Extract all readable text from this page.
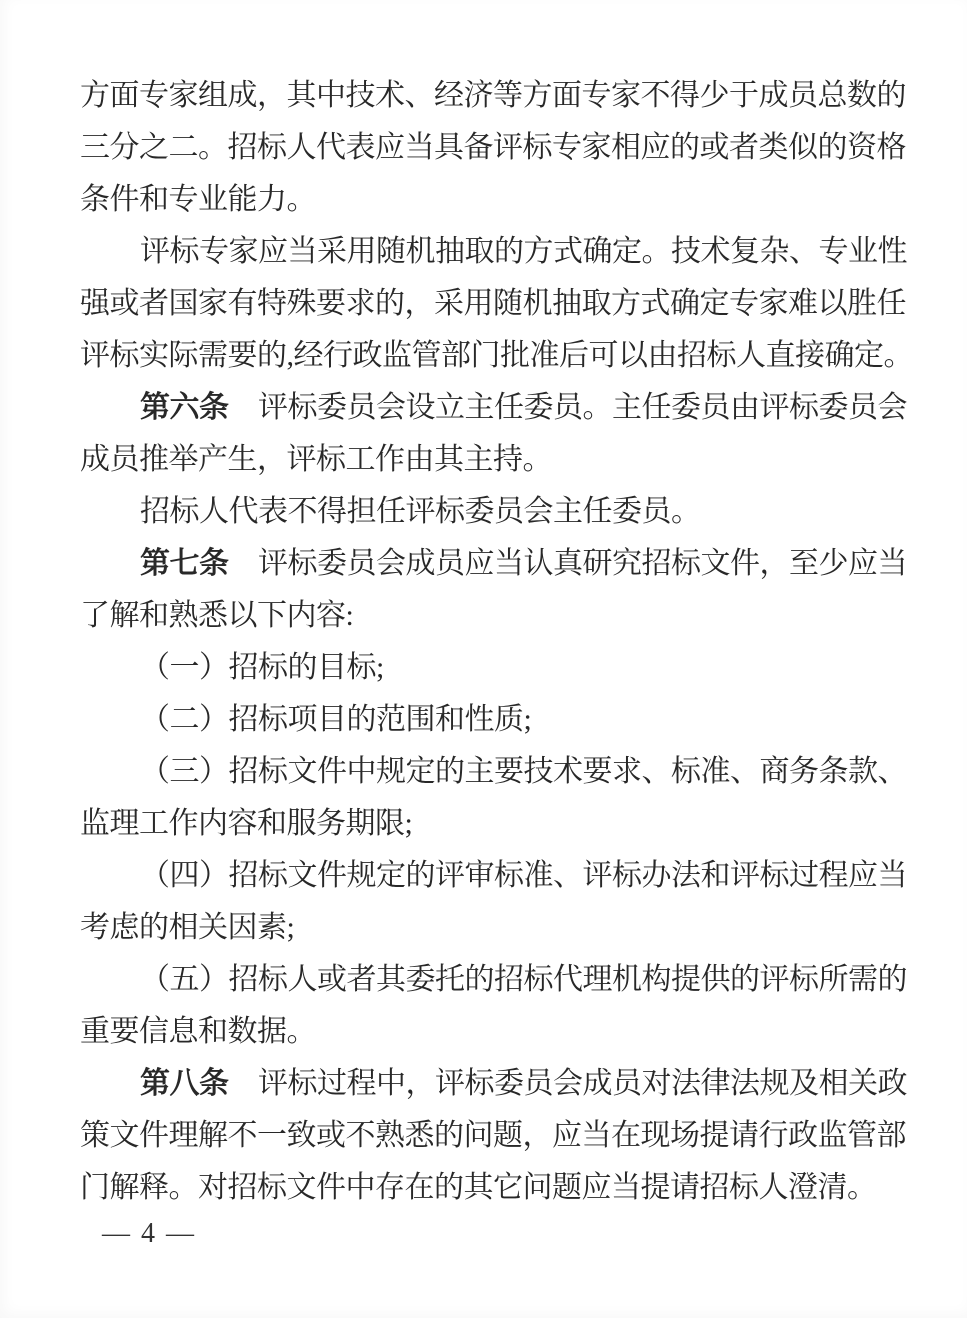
方面专家组成，其中技术、经济等方面专家不得少于成员总数的
三分之二。招标人代表应当具备评标专家相应的或者类似的资格
条件和专业能力。
评标专家应当采用随机抽取的方式确定。技术复杂、专业性
强或者国家有特殊要求的，采用随机抽取方式确定专家难以胜任
评标实际需要的,经行政监管部门批准后可以由招标人直接确定。
第六条　评标委员会设立主任委员。主任委员由评标委员会
成员推举产生，评标工作由其主持。
招标人代表不得担任评标委员会主任委员。
第七条　评标委员会成员应当认真研究招标文件，至少应当
了解和熟悉以下内容:
（一）招标的目标;
（二）招标项目的范围和性质;
（三）招标文件中规定的主要技术要求、标准、商务条款、
监理工作内容和服务期限;
（四）招标文件规定的评审标准、评标办法和评标过程应当
考虑的相关因素;
（五）招标人或者其委托的招标代理机构提供的评标所需的
重要信息和数据。
第八条　评标过程中，评标委员会成员对法律法规及相关政
策文件理解不一致或不熟悉的问题，应当在现场提请行政监管部
门解释。对招标文件中存在的其它问题应当提请招标人澄清。
— 4 —
